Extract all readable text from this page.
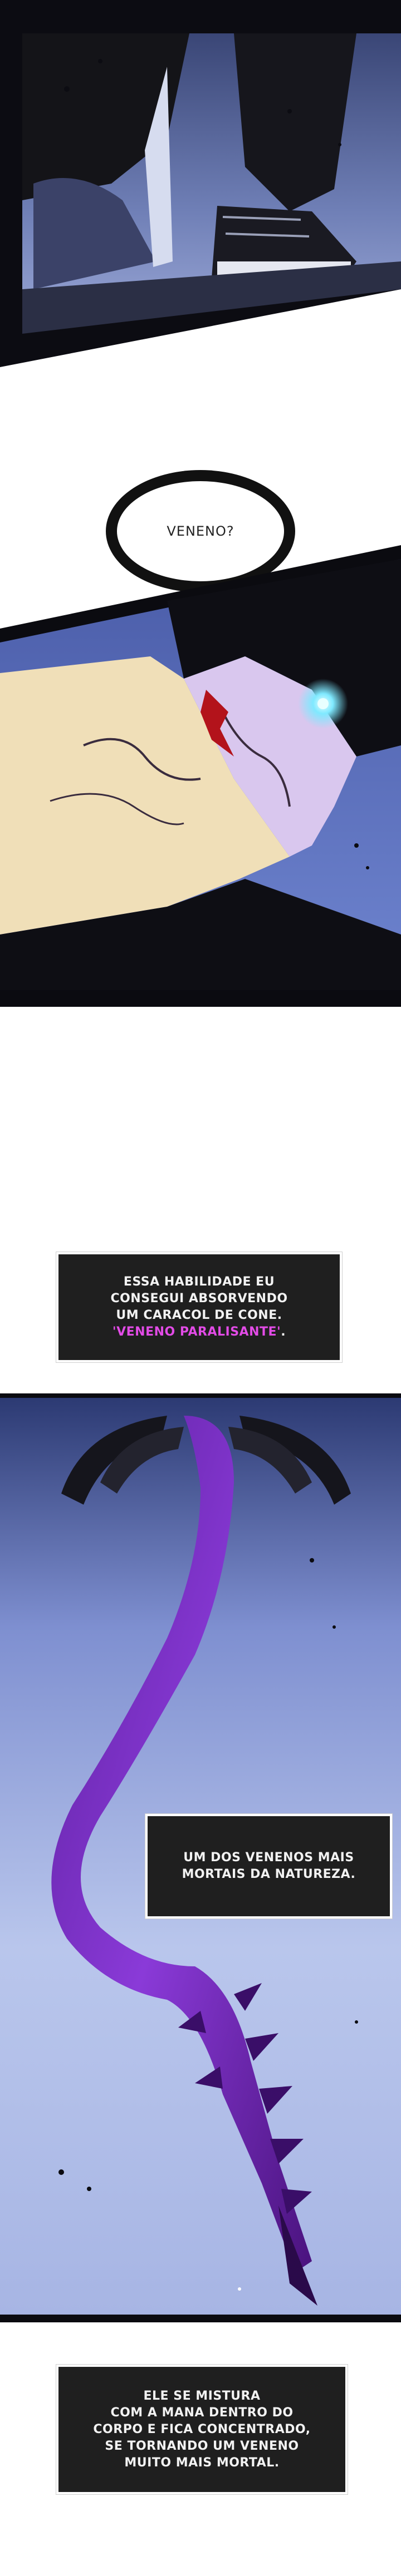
VENENO?
ESSA HABILIDADE EU
CONSEGUI ABSORVENDO
UM CARACOL DE CONE.
'VENENO PARALISANTE'.
UM DOS VENENOS MAIS
MORTAIS DA NATUREZA.
ELE SE MISTURA
COM A MANA DENTRO DO
CORPO E FICA CONCENTRADO,
SE TORNANDO UM VENENO
MUITO MAIS MORTAL.
